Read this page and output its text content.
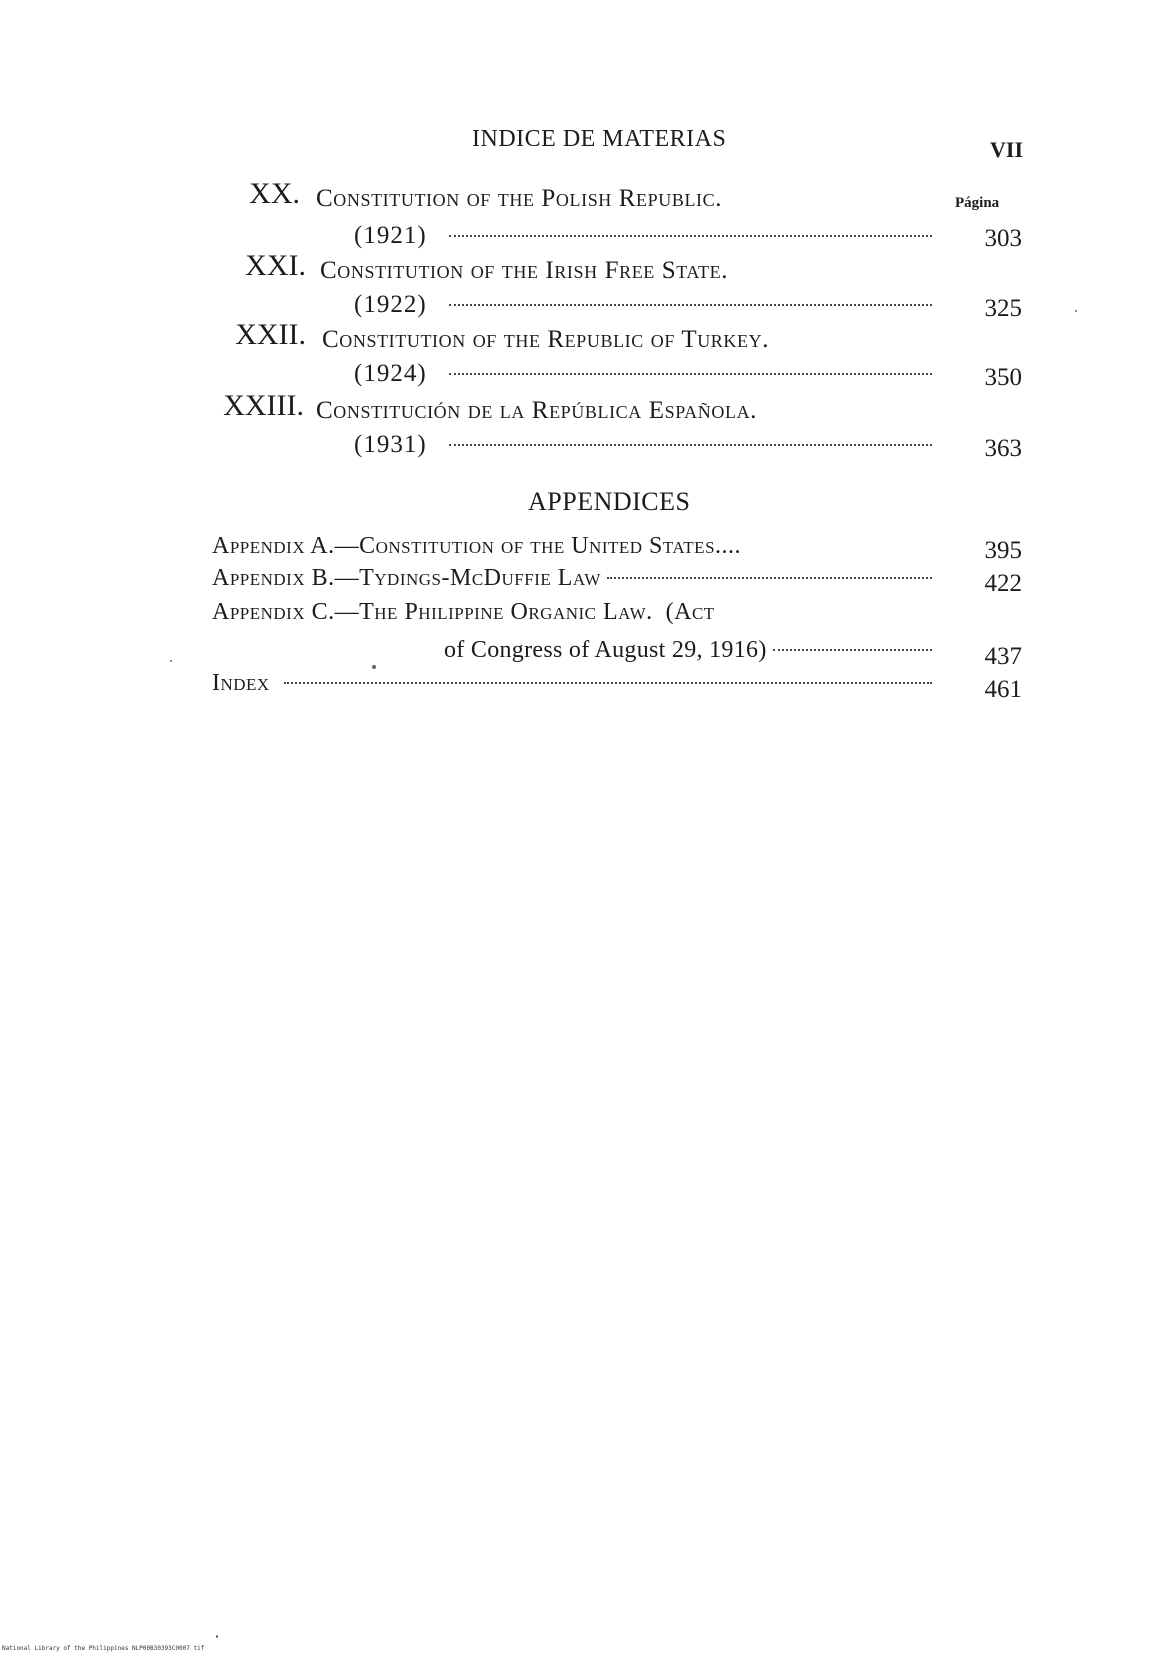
INDICE DE MATERIAS	VII
Página
XX. Constitution of the Polish Republic.
(1921)	303
XXI. Constitution of the Irish Free State.
(1922)	325
XXII. Constitution of the Republic of Turkey.
(1924)	350
XXIII. Constitución de la República Española.
(1931)	363
APPENDICES
Appendix A.—Constitution of the United States....	395
Appendix B.—Tydings-McDuffie Law	422
Appendix C.—The Philippine Organic Law.  (Act
of Congress of August 29, 1916)	437
Index	461
National Library of the Philippines NLP00B30393C0007 tif
